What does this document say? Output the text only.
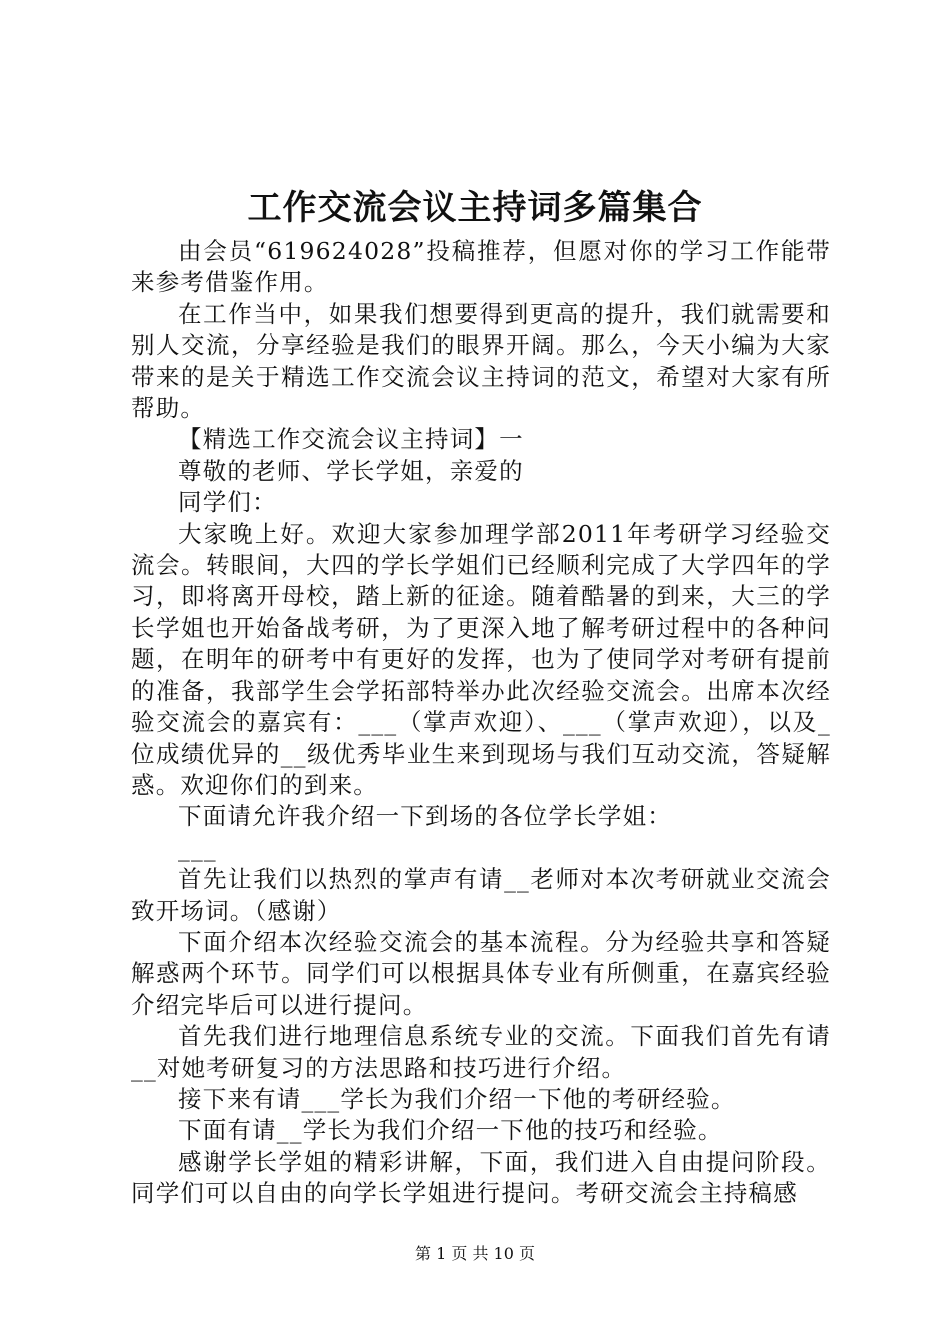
工作交流会议主持词多篇集合

由会员“619624028”投稿推荐，但愿对你的学习工作能带来参考借鉴作用。

在工作当中，如果我们想要得到更高的提升，我们就需要和别人交流，分享经验是我们的眼界开阔。那么，今天小编为大家带来的是关于精选工作交流会议主持词的范文，希望对大家有所帮助。

【精选工作交流会议主持词】一

尊敬的老师、学长学姐，亲爱的

同学们：

大家晚上好。欢迎大家参加理学部2011年考研学习经验交流会。转眼间，大四的学长学姐们已经顺利完成了大学四年的学习，即将离开母校，踏上新的征途。随着酷暑的到来，大三的学长学姐也开始备战考研，为了更深入地了解考研过程中的各种问题，在明年的研考中有更好的发挥，也为了使同学对考研有提前的准备，我部学生会学拓部特举办此次经验交流会。出席本次经验交流会的嘉宾有：___（掌声欢迎）、___（掌声欢迎），以及_位成绩优异的__级优秀毕业生来到现场与我们互动交流，答疑解惑。欢迎你们的到来。

下面请允许我介绍一下到场的各位学长学姐：

___

首先让我们以热烈的掌声有请__老师对本次考研就业交流会致开场词。（感谢）

下面介绍本次经验交流会的基本流程。分为经验共享和答疑解惑两个环节。同学们可以根据具体专业有所侧重，在嘉宾经验介绍完毕后可以进行提问。

首先我们进行地理信息系统专业的交流。下面我们首先有请__对她考研复习的方法思路和技巧进行介绍。

接下来有请___学长为我们介绍一下他的考研经验。

下面有请__学长为我们介绍一下他的技巧和经验。

感谢学长学姐的精彩讲解，下面，我们进入自由提问阶段。同学们可以自由的向学长学姐进行提问。考研交流会主持稿感

第 1 页 共 10 页
